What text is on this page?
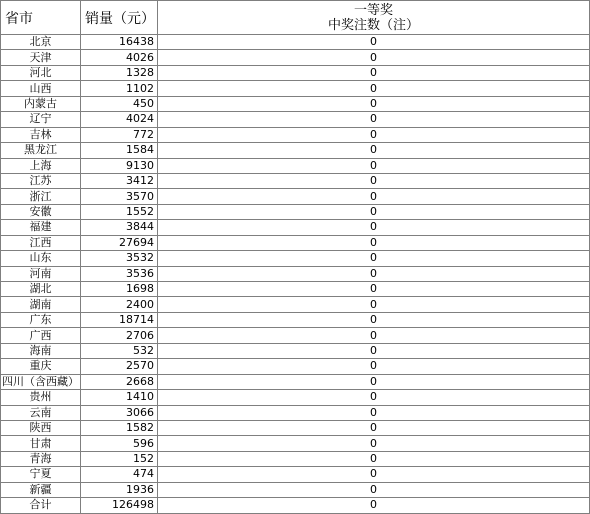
省市	销量（元）	一等奖
中奖注数（注）

北京	16438	0
天津	4026	0
河北	1328	0
山西	1102	0
内蒙古	450	0
辽宁	4024	0
吉林	772	0
黑龙江	1584	0
上海	9130	0
江苏	3412	0
浙江	3570	0
安徽	1552	0
福建	3844	0
江西	27694	0
山东	3532	0
河南	3536	0
湖北	1698	0
湖南	2400	0
广东	18714	0
广西	2706	0
海南	532	0
重庆	2570	0
四川（含西藏）	2668	0
贵州	1410	0
云南	3066	0
陕西	1582	0
甘肃	596	0
青海	152	0
宁夏	474	0
新疆	1936	0
合计	126498	0
